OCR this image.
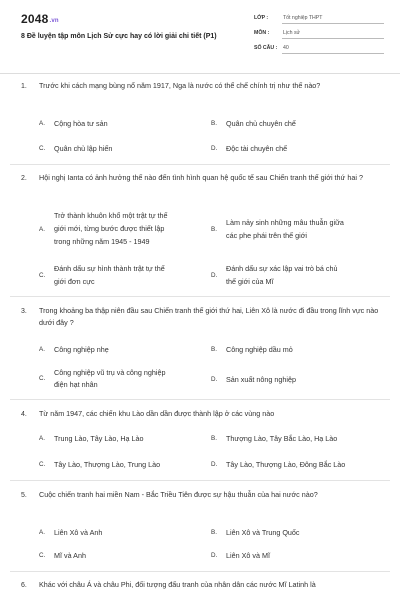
2048.vn
8 Đề luyện tập môn Lịch Sử cực hay có lời giải chi tiết (P1)
LỚP :	Tốt nghiệp THPT
MÔN :	Lịch sử
SỐ CÂU : 40
1. Trước khi cách mạng bùng nổ năm 1917, Nga là nước có thể chế chính trị như thế nào?
A. Cộng hòa tư sản	B. Quân chủ chuyên chế
C. Quân chủ lập hiến	D. Độc tài chuyên chế
2. Hội nghị Ianta có ảnh hưởng thế nào đến tình hình quan hệ quốc tế sau Chiến tranh thế giới thứ hai ?
A.
Trở thành khuôn khổ một trật tự thế
giới mới, từng bước được thiết lập
trong những năm 1945 - 1949
B.
Làm nảy sinh những mâu thuẫn giữa
các phe phái trên thế giới
C.
Đánh dấu sự hình thành trật tự thế
giới đơn cực
D.
Đánh dấu sự xác lập vai trò bá chủ
thế giới của Mĩ
3. Trong khoảng ba thập niên đầu sau Chiến tranh thế giới thứ hai, Liên Xô là nước đi đầu trong lĩnh vực nào dưới đây ?
A. Công nghiệp nhẹ	B. Công nghiệp dầu mỏ
C.
Công nghiệp vũ trụ và công nghiệp
điện hạt nhân
D. Sản xuất nông nghiệp
4. Từ năm 1947, các chiến khu Lào dần dần được thành lập ở các vùng nào
A. Trung Lào, Tây Lào, Hạ Lào	B. Thượng Lào, Tây Bắc Lào, Hạ Lào
C. Tây Lào, Thượng Lào, Trung Lào	D. Tây Lào, Thượng Lào, Đông Bắc Lào
5. Cuộc chiến tranh hai miền Nam - Bắc Triều Tiên được sự hậu thuẫn của hai nước nào?
A. Liên Xô và Anh	B. Liên Xô và Trung Quốc
C. Mĩ và Anh	D. Liên Xô và Mĩ
6. Khác với châu Á và châu Phi, đối tượng đấu tranh của nhân dân các nước Mĩ Latinh là
